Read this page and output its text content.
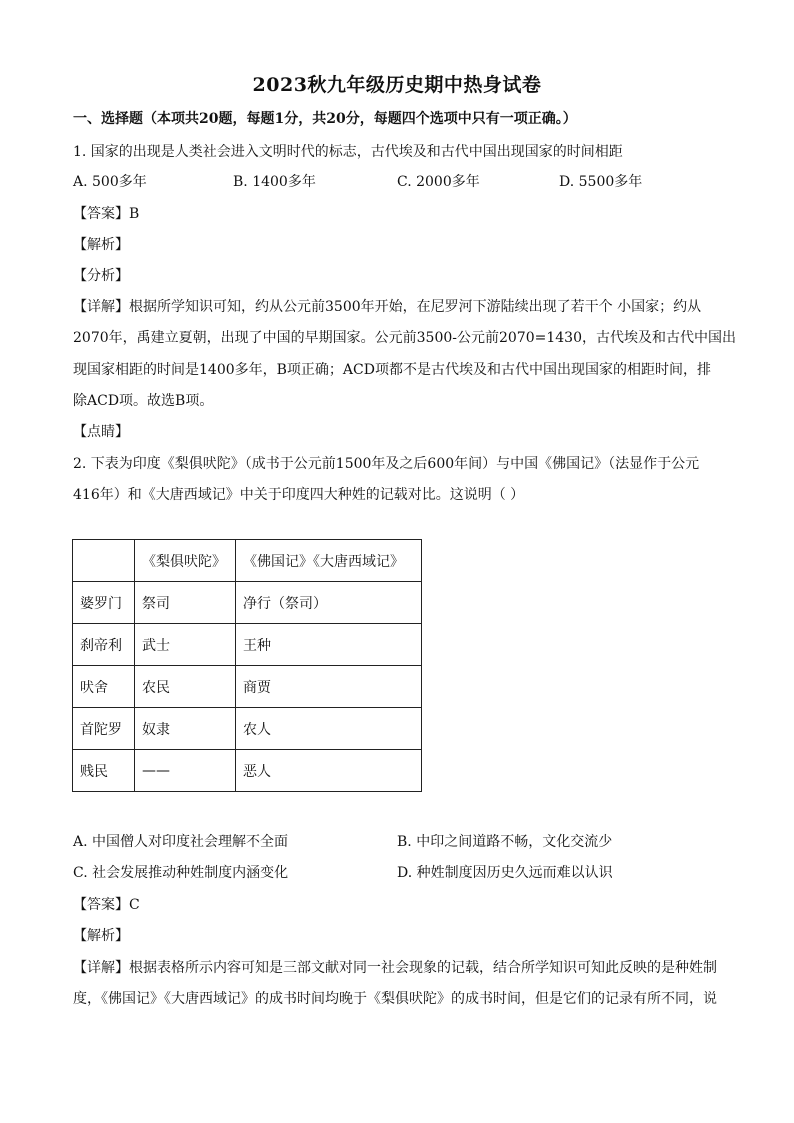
2023秋九年级历史期中热身试卷
一、选择题（本项共20题，每题1分，共20分，每题四个选项中只有一项正确。）
1. 国家的出现是人类社会进入文明时代的标志，古代埃及和古代中国出现国家的时间相距
A. 500多年	B. 1400多年	C. 2000多年	D. 5500多年
【答案】B
【解析】
【分析】
【详解】根据所学知识可知，约从公元前3500年开始，在尼罗河下游陆续出现了若干个 小国家；约从
2070年，禹建立夏朝，出现了中国的早期国家。公元前3500-公元前2070=1430，古代埃及和古代中国出
现国家相距的时间是1400多年，B项正确；ACD项都不是古代埃及和古代中国出现国家的相距时间，排
除ACD项。故选B项。
【点睛】
2. 下表为印度《梨俱吠陀》（成书于公元前1500年及之后600年间）与中国《佛国记》（法显作于公元
416年）和《大唐西域记》中关于印度四大种姓的记载对比。这说明（ ）
	《梨俱吠陀》	《佛国记》《大唐西域记》
婆罗门	祭司	净行（祭司）
刹帝利	武士	王种
吠舍	农民	商贾
首陀罗	奴隶	农人
贱民	——	恶人
A. 中国僧人对印度社会理解不全面	B. 中印之间道路不畅，文化交流少
C. 社会发展推动种姓制度内涵变化	D. 种姓制度因历史久远而难以认识
【答案】C
【解析】
【详解】根据表格所示内容可知是三部文献对同一社会现象的记载，结合所学知识可知此反映的是种姓制
度，《佛国记》《大唐西域记》的成书时间均晚于《梨俱吠陀》的成书时间，但是它们的记录有所不同，说
